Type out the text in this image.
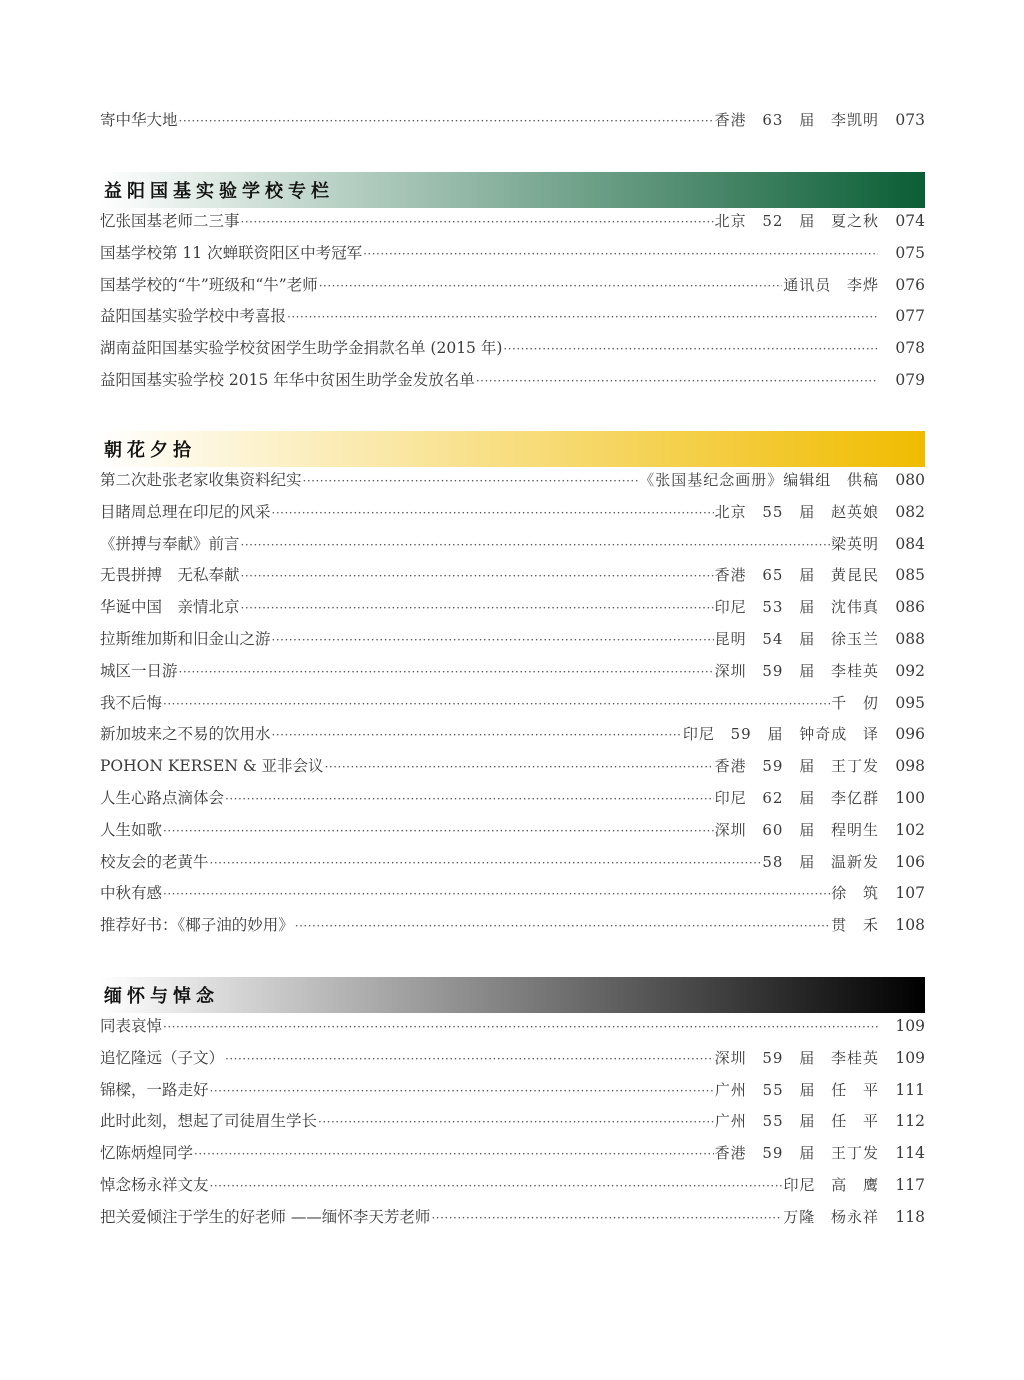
寄中华大地 ·····	香港 63 届 李凯明	073
益阳国基实验学校专栏
忆张国基老师二三事 ·····	北京 52 届 夏之秋	074
国基学校第 11 次蝉联资阳区中考冠军 ·····	075
国基学校的“牛”班级和“牛”老师 ·····	通讯员 李烨	076
益阳国基实验学校中考喜报 ·····	077
湖南益阳国基实验学校贫困学生助学金捐款名单 (2015 年) ·····	078
益阳国基实验学校 2015 年华中贫困生助学金发放名单 ·····	079
朝花夕拾
第二次赴张老家收集资料纪实 ·····	《张国基纪念画册》编辑组 供稿	080
目睹周总理在印尼的风采 ·····	北京 55 届 赵英娘	082
《拼搏与奉献》前言 ·····	梁英明	084
无畏拼搏　无私奉献 ·····	香港 65 届 黄昆民	085
华诞中国　亲情北京 ·····	印尼 53 届 沈伟真	086
拉斯维加斯和旧金山之游 ·····	昆明 54 届 徐玉兰	088
城区一日游 ·····	深圳 59 届 李桂英	092
我不后悔 ·····	千 仞	095
新加坡来之不易的饮用水 ·····	印尼 59 届 钟奇成 译	096
POHON KERSEN & 亚非会议 ·····	香港 59 届 王丁发	098
人生心路点滴体会 ·····	印尼 62 届 李亿群	100
人生如歌 ·····	深圳 60 届 程明生	102
校友会的老黄牛 ·····	58 届 温新发	106
中秋有感 ·····	徐 筑	107
推荐好书：《椰子油的妙用》 ·····	贯 禾	108
缅怀与悼念
同表哀悼 ·····	109
追忆隆远（子文） ·····	深圳 59 届 李桂英	109
锦樑，一路走好 ·····	广州 55 届 任 平	111
此时此刻，想起了司徒眉生学长 ·····	广州 55 届 任 平	112
忆陈炳煌同学 ·····	香港 59 届 王丁发	114
悼念杨永祥文友 ·····	印尼 高 鹰	117
把关爱倾注于学生的好老师 ——缅怀李天芳老师 ·····	万隆 杨永祥	118
